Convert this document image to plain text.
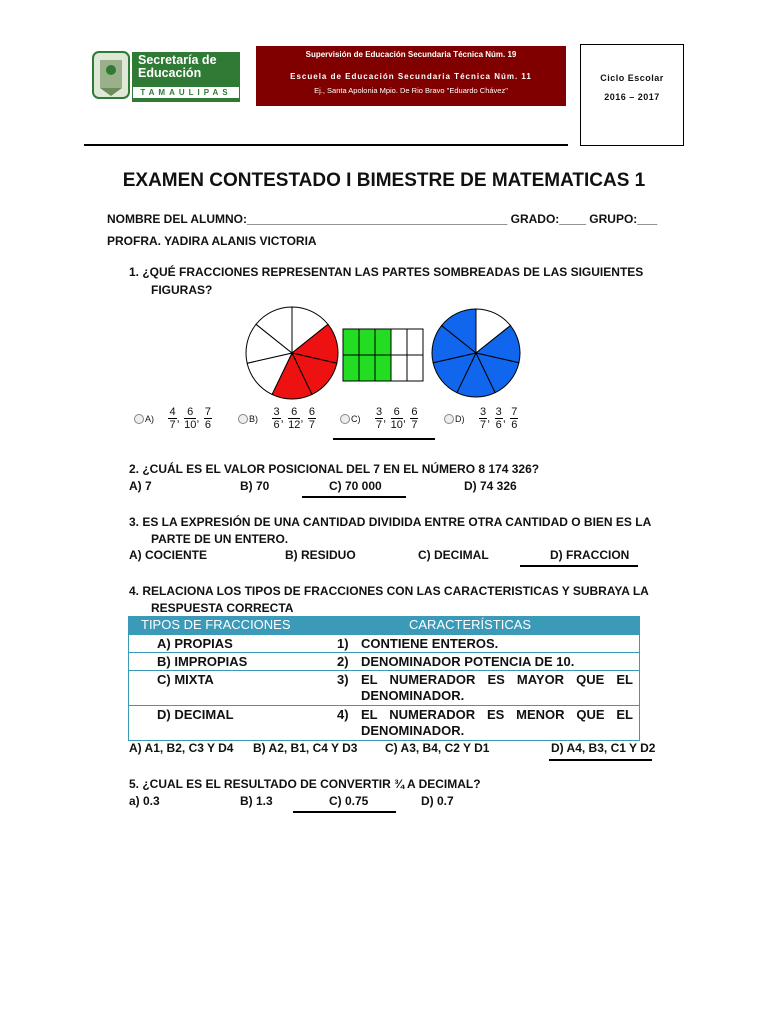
Secretaría de
Educación
TAMAULIPAS
Supervisión de Educación Secundaria Técnica Núm. 19
Escuela de Educación Secundaria Técnica Núm. 11
Ej., Santa Apolonia Mpio. De Rio Bravo "Eduardo Chávez"
Ciclo Escolar
2016 – 2017
EXAMEN CONTESTADO I BIMESTRE DE MATEMATICAS 1
NOMBRE DEL ALUMNO:_______________________________________ GRADO:____ GRUPO:___
PROFRA. YADIRA ALANIS VICTORIA
1. ¿QUÉ FRACCIONES REPRESENTAN LAS PARTES SOMBREADAS DE LAS SIGUIENTES
FIGURAS?
$A) \frac{4}{7}$ , $\frac{6}{10}$ , $\frac{7}{6}$	$B) \frac{3}{6}$ , $\frac{6}{12}$ , $\frac{6}{7}$	$C) \frac{3}{7}$ , $\frac{6}{10}$ , $\frac{6}{7}$	$D) \frac{3}{7}$ , $\frac{3}{6}$ , $\frac{7}{6}$
2. ¿CUÁL ES EL VALOR POSICIONAL DEL 7 EN EL NÚMERO 8 174 326?
A) 7	B) 70	C) 70 000	D) 74 326
3. ES LA EXPRESIÓN DE UNA CANTIDAD DIVIDIDA ENTRE OTRA CANTIDAD O BIEN ES LA
PARTE DE UN ENTERO.
A) COCIENTE	B) RESIDUO	C) DECIMAL	D) FRACCION
4. RELACIONA LOS TIPOS DE FRACCIONES CON LAS CARACTERISTICAS Y SUBRAYA LA
RESPUESTA CORRECTA
TIPOS DE FRACCIONES	CARACTERÍSTICAS
A) PROPIAS	1) CONTIENE ENTEROS.
B) IMPROPIAS	2) DENOMINADOR POTENCIA DE 10.
C) MIXTA	3) EL NUMERADOR ES MAYOR QUE EL DENOMINADOR.
D) DECIMAL	4) EL NUMERADOR ES MENOR QUE EL DENOMINADOR.
A) A1, B2, C3 Y D4 B) A2, B1, C4 Y D3 C) A3, B4, C2 Y D1	D) A4, B3, C1 Y D2
5. ¿CUAL ES EL RESULTADO DE CONVERTIR ¾ A DECIMAL?
a) 0.3	B) 1.3	C) 0.75	D) 0.7
